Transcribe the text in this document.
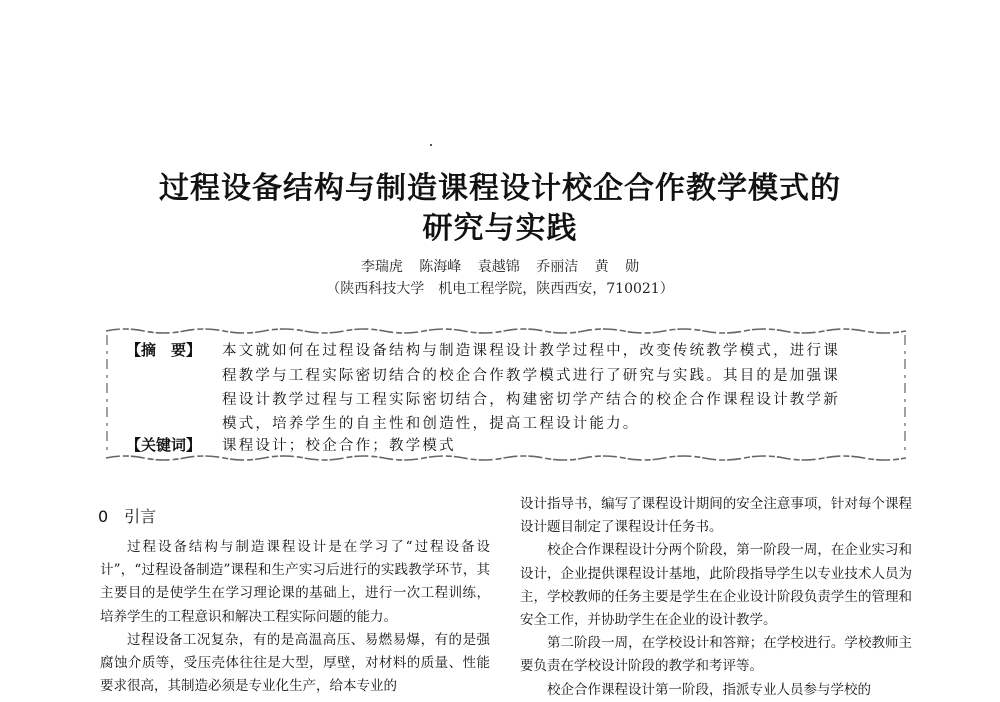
过程设备结构与制造课程设计校企合作教学模式的
研究与实践
李瑞虎 陈海峰 袁越锦 乔丽洁 黄 勋
（陕西科技大学　机电工程学院，陕西西安，710021）
【摘　要】 本文就如何在过程设备结构与制造课程设计教学过程中，改变传统教学模式，进行课
程教学与工程实际密切结合的校企合作教学模式进行了研究与实践。其目的是加强课
程设计教学过程与工程实际密切结合，构建密切学产结合的校企合作课程设计教学新
模式，培养学生的自主性和创造性，提高工程设计能力。
【关键词】 课程设计；校企合作；教学模式
0　引言

过程设备结构与制造课程设计是在学习了“过程设备设计”，“过程设备制造”课程和生产实习后进行的实践教学环节，其主要目的是使学生在学习理论课的基础上，进行一次工程训练，培养学生的工程意识和解决工程实际问题的能力。

过程设备工况复杂，有的是高温高压、易燃易爆，有的是强腐蚀介质等，受压壳体往往是大型，厚壁，对材料的质量、性能要求很高，其制造必须是专业化生产，给本专业的

设计指导书，编写了课程设计期间的安全注意事项，针对每个课程设计题目制定了课程设计任务书。

校企合作课程设计分两个阶段，第一阶段一周，在企业实习和设计，企业提供课程设计基地，此阶段指导学生以专业技术人员为主，学校教师的任务主要是学生在企业设计阶段负责学生的管理和安全工作，并协助学生在企业的设计教学。

第二阶段一周，在学校设计和答辩；在学校进行。学校教师主要负责在学校设计阶段的教学和考评等。

校企合作课程设计第一阶段，指派专业人员参与学校的
